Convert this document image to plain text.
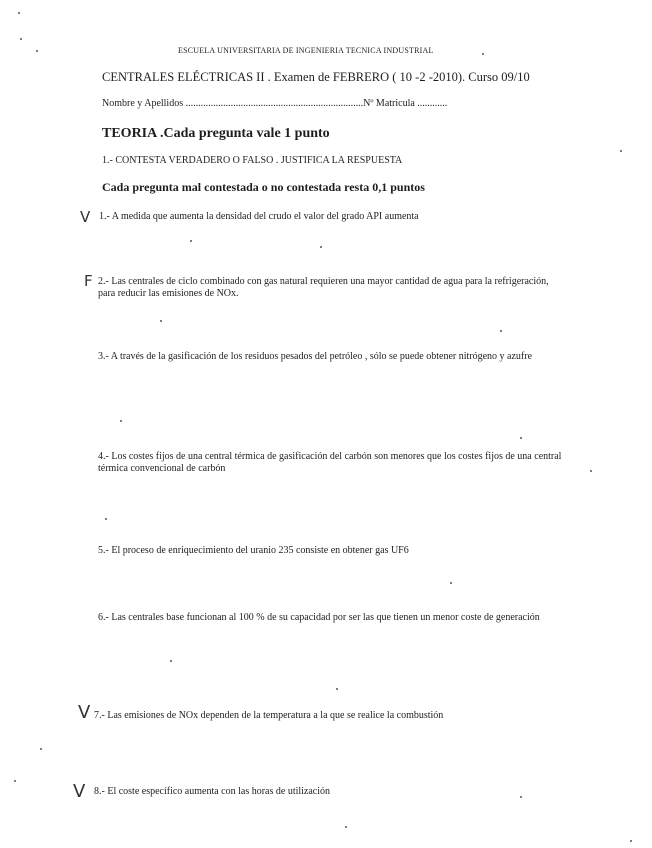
ESCUELA UNIVERSITARIA DE INGENIERIA TECNICA INDUSTRIAL
CENTRALES ELÉCTRICAS II . Examen de FEBRERO ( 10 -2 -2010). Curso 09/10
Nombre y Apellidos .......................................................................Nº Matricula ............
TEORIA .Cada pregunta vale 1 punto
1.- CONTESTA VERDADERO O FALSO . JUSTIFICA LA RESPUESTA
Cada pregunta mal contestada o no contestada resta 0,1 puntos
V
F
V
V
1.- A medida que aumenta la densidad del crudo el valor del grado API aumenta
2.- Las centrales de ciclo combinado con gas natural requieren una mayor cantidad de agua para la refrigeración, para reducir las emisiones de NOx.
3.- A través de la gasificación de los residuos pesados del petróleo , sólo se puede obtener nitrógeno y azufre
4.- Los costes fijos de una central térmica de gasificación del carbón son menores que los costes fijos de una central térmica convencional de carbón
5.- El proceso de enriquecimiento del uranio 235 consiste en obtener gas UF6
6.- Las centrales base funcionan al 100 % de su capacidad por ser las que tienen un menor coste de generación
7.- Las emisiones de NOx dependen de la temperatura a la que se realice la combustión
8.- El coste específico aumenta con las horas de utilización
